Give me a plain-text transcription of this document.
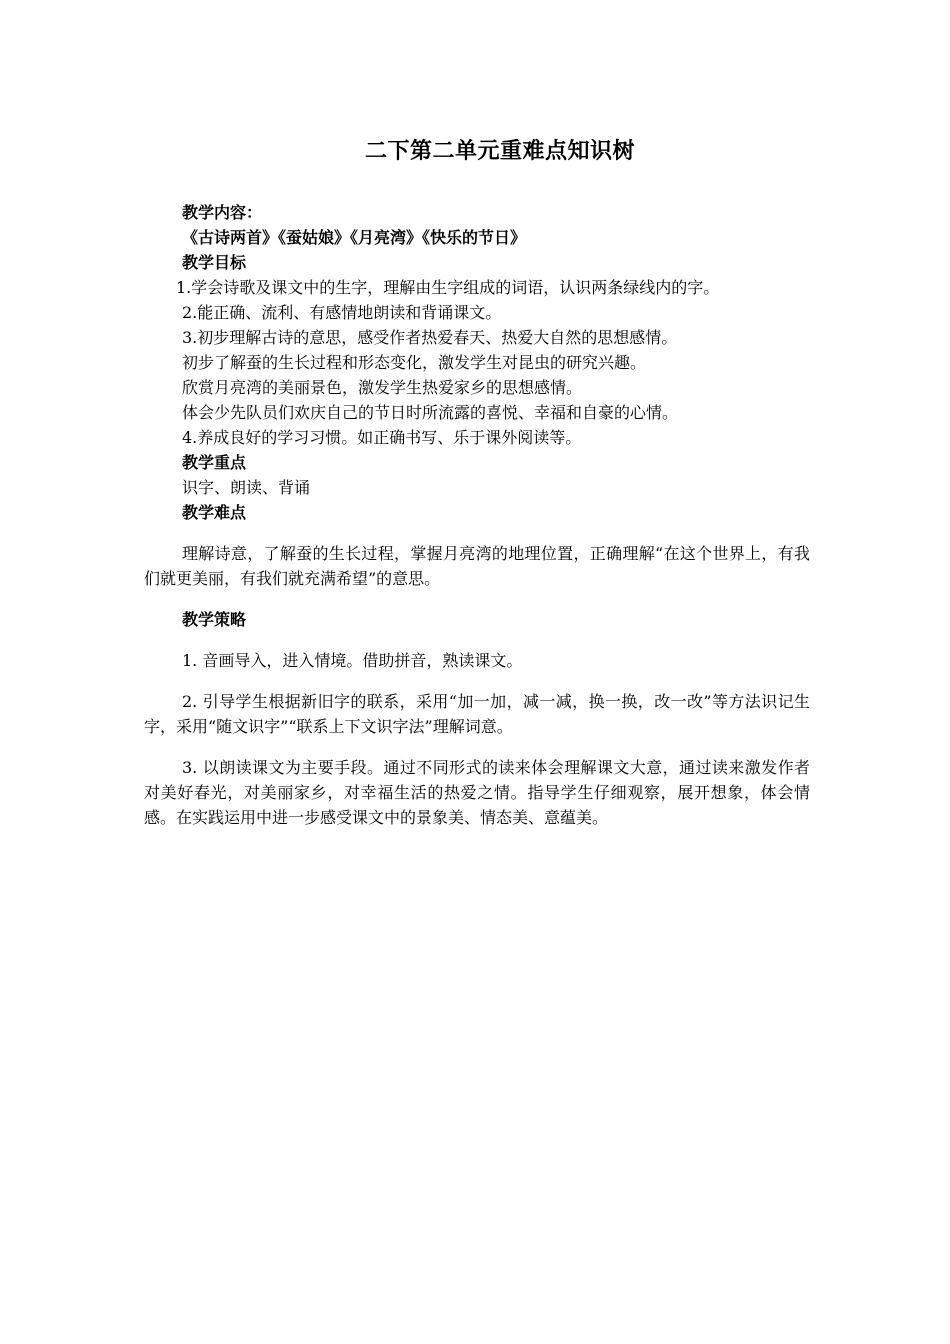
二下第二单元重难点知识树

教学内容：

《古诗两首》《蚕姑娘》《月亮湾》《快乐的节日》

教学目标

1.学会诗歌及课文中的生字，理解由生字组成的词语，认识两条绿线内的字。

2.能正确、流利、有感情地朗读和背诵课文。

3.初步理解古诗的意思，感受作者热爱春天、热爱大自然的思想感情。

初步了解蚕的生长过程和形态变化，激发学生对昆虫的研究兴趣。

欣赏月亮湾的美丽景色，激发学生热爱家乡的思想感情。

体会少先队员们欢庆自己的节日时所流露的喜悦、幸福和自豪的心情。

4.养成良好的学习习惯。如正确书写、乐于课外阅读等。

教学重点

识字、朗读、背诵

教学难点

理解诗意，了解蚕的生长过程，掌握月亮湾的地理位置，正确理解“在这个世界上，有我们就更美丽，有我们就充满希望”的意思。

教学策略

1. 音画导入，进入情境。借助拼音，熟读课文。

2. 引导学生根据新旧字的联系，采用“加一加，减一减，换一换，改一改”等方法识记生字，采用“随文识字”“联系上下文识字法”理解词意。

3. 以朗读课文为主要手段。通过不同形式的读来体会理解课文大意，通过读来激发作者对美好春光，对美丽家乡，对幸福生活的热爱之情。指导学生仔细观察，展开想象，体会情感。在实践运用中进一步感受课文中的景象美、情态美、意蕴美。
